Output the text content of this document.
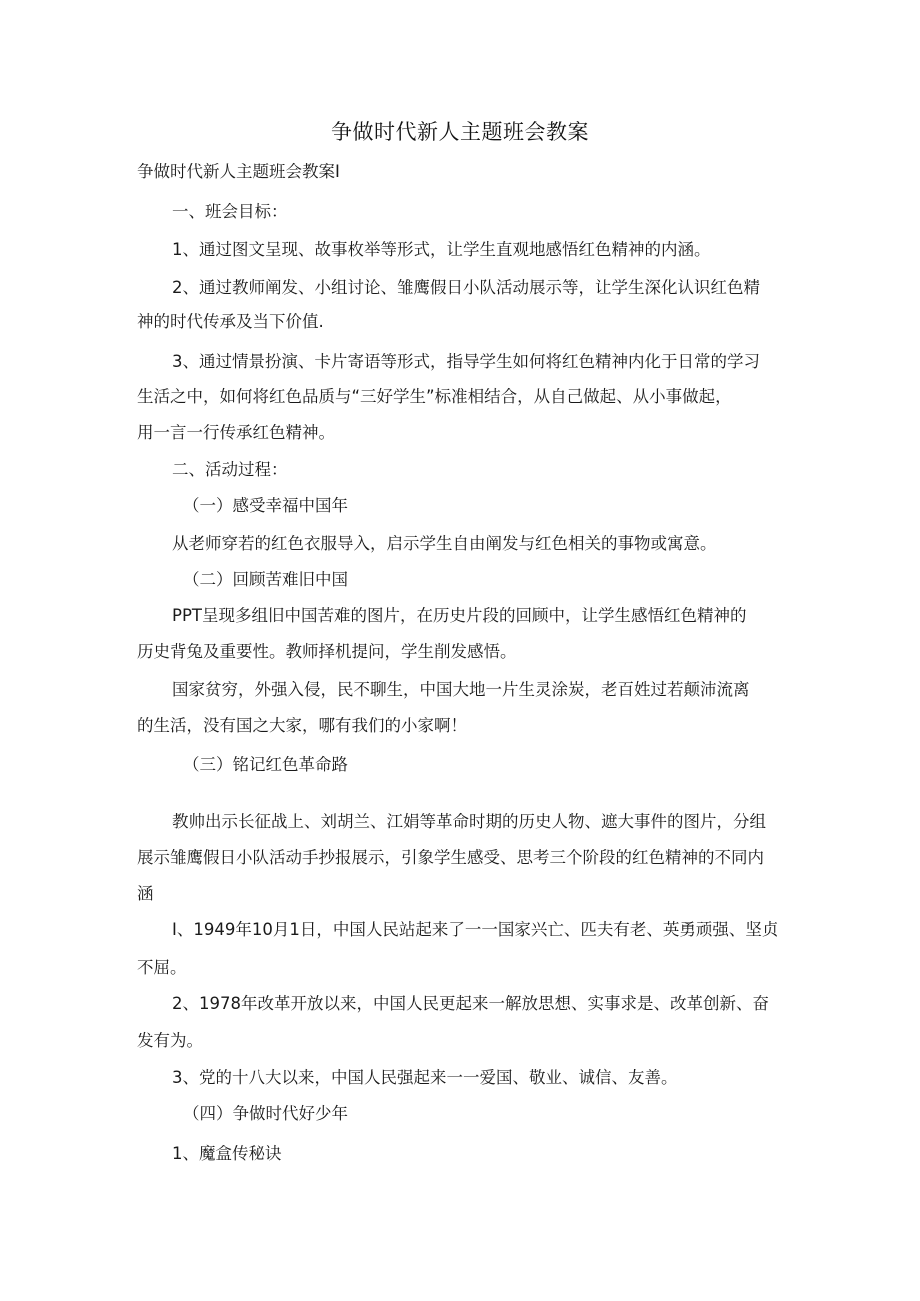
争做时代新人主题班会教案
争做时代新人主题班会教案I
一、班会目标：
1、通过图文呈现、故事枚举等形式，让学生直观地感悟红色精神的内涵。
2、通过教师阐发、小组讨论、雏鹰假日小队活动展示等，让学生深化认识红色精
神的时代传承及当下价值.
3、通过情景扮演、卡片寄语等形式，指导学生如何将红色精神内化于日常的学习
生活之中，如何将红色品质与“三好学生”标准相结合，从自己做起、从小事做起，
用一言一行传承红色精神。
二、活动过程：
（一）感受幸福中国年
从老师穿若的红色衣服导入，启示学生自由阐发与红色相关的事物或寓意。
（二）回顾苦难旧中国
PPT呈现多组旧中国苦难的图片，在历史片段的回顾中，让学生感悟红色精神的
历史背兔及重要性。教师择机提问，学生削发感悟。
国家贫穷，外强入侵，民不聊生，中国大地一片生灵涂炭，老百姓过若颠沛流离
的生活，没有国之大家，哪有我们的小家啊！
（三）铭记红色革命路
教帅出示长征战上、刘胡兰、江娟等革命时期的历史人物、遮大事件的图片，分组
展示雏鹰假日小队活动手抄报展示，引象学生感受、思考三个阶段的红色精神的不同内
涵
I、1949年10月1日，中国人民站起来了一一国家兴亡、匹夫有老、英勇顽强、坚贞
不屈。
2、1978年改革开放以来，中国人民更起来一解放思想、实事求是、改革创新、奋
发有为。
3、党的十八大以来，中国人民强起来一一爱国、敬业、诚信、友善。
（四）争做时代好少年
1、魔盒传秘诀
